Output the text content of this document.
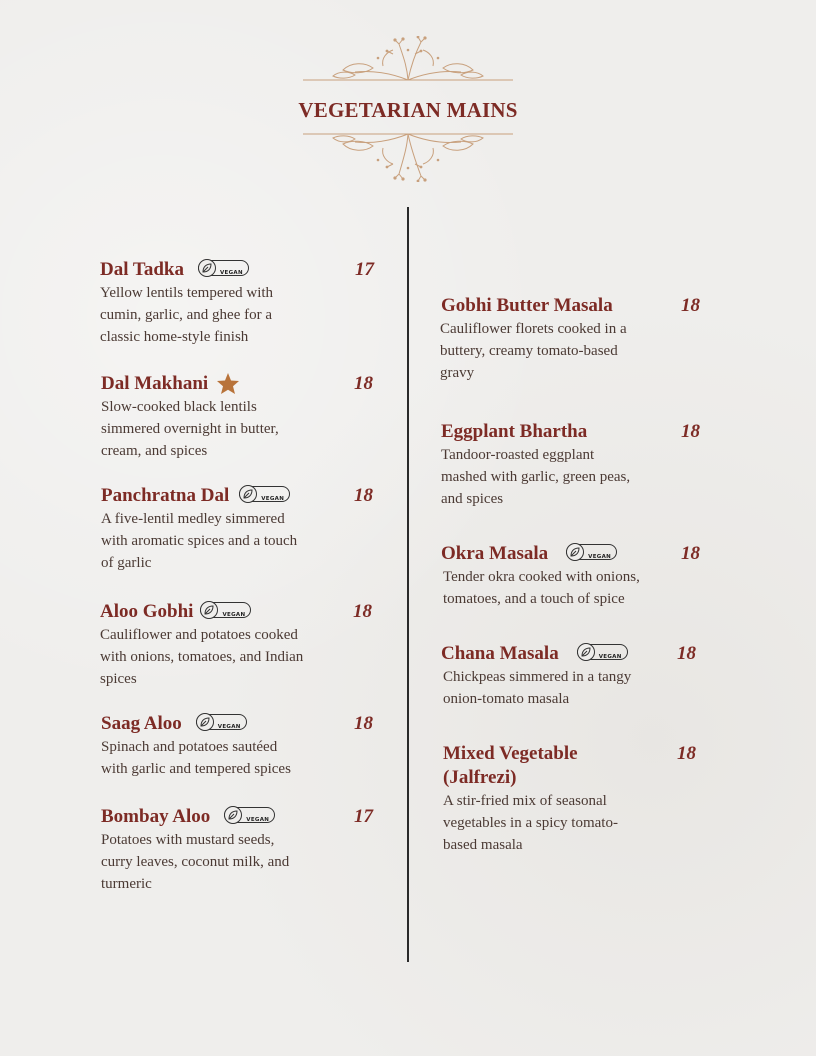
VEGETARIAN MAINS
Dal Tadka	VEGAN	17
Yellow lentils tempered with
cumin, garlic, and ghee for a
classic home-style finish
Dal Makhani	18
Slow-cooked black lentils
simmered overnight in butter,
cream, and spices
Panchratna Dal	VEGAN	18
A five-lentil medley simmered
with aromatic spices and a touch
of garlic
Aloo Gobhi	VEGAN	18
Cauliflower and potatoes cooked
with onions, tomatoes, and Indian
spices
Saag Aloo	VEGAN	18
Spinach and potatoes sautéed
with garlic and tempered spices
Bombay Aloo	VEGAN	17
Potatoes with mustard seeds,
curry leaves, coconut milk, and
turmeric
Gobhi Butter Masala	18
Cauliflower florets cooked in a
buttery, creamy tomato-based
gravy
Eggplant Bhartha	18
Tandoor-roasted eggplant
mashed with garlic, green peas,
and spices
Okra Masala	VEGAN	18
Tender okra cooked with onions,
tomatoes, and a touch of spice
Chana Masala	VEGAN	18
Chickpeas simmered in a tangy
onion-tomato masala
Mixed Vegetable (Jalfrezi)
18
A stir-fried mix of seasonal
vegetables in a spicy tomato-
based masala
